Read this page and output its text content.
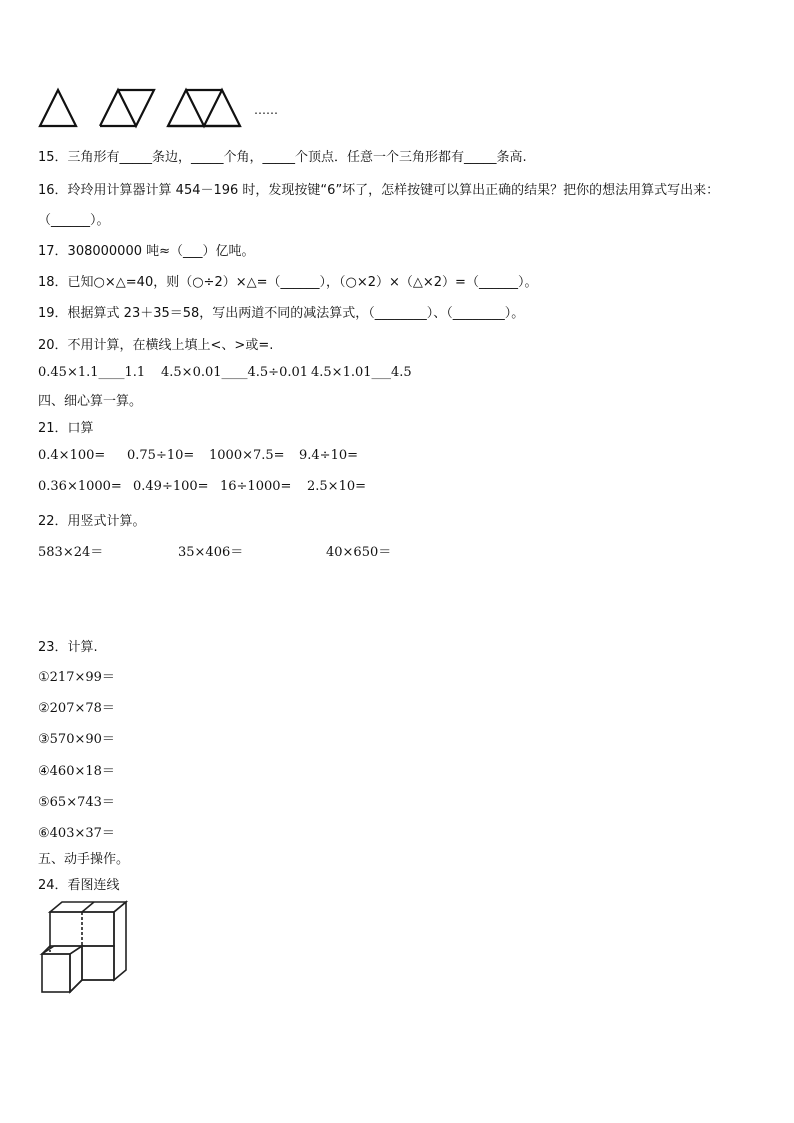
……
15．三角形有_____条边，_____个角，_____个顶点．任意一个三角形都有_____条高.
16．玲玲用计算器计算 454－196 时，发现按键“6”坏了，怎样按键可以算出正确的结果？把你的想法用算式写出来：
（______）。
17．308000000 吨≈（___）亿吨。
18．已知○×△=40，则（○÷2）×△=（______），（○×2）×（△×2）=（______）。
19．根据算式 23＋35＝58，写出两道不同的减法算式，（________）、（________）。
20．不用计算，在横线上填上<、>或=.
0.45×1.1____1.1 4.5×0.01____4.5÷0.01 4.5×1.01___4.5
四、细心算一算。
21．口算
0.4×100= 0.75÷10= 1000×7.5= 9.4÷10=
0.36×1000= 0.49÷100= 16÷1000= 2.5×10=
22．用竖式计算。
583×24＝	35×406＝	40×650＝
23．计算.
①217×99＝
②207×78＝
③570×90＝
④460×18＝
⑤65×743＝
⑥403×37＝
五、动手操作。
24．看图连线
